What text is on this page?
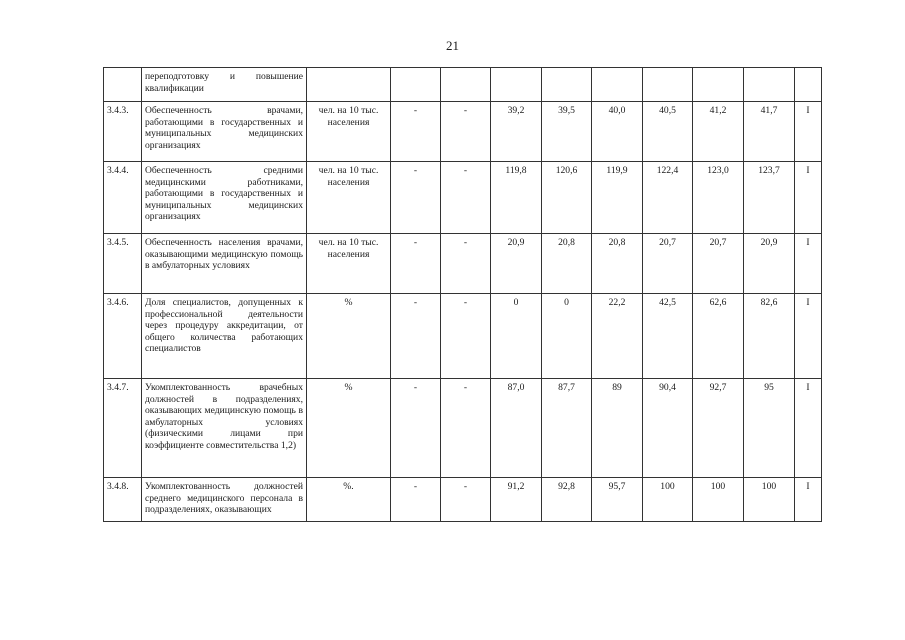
21
	переподготовку и повышение квалификации										
3.4.3.	Обеспеченность врачами, работающими в государственных и муниципальных медицинских организациях	чел. на 10 тыс. населения	-	-	39,2	39,5	40,0	40,5	41,2	41,7	I
3.4.4.	Обеспеченность средними медицинскими работниками, работающими в государственных и муниципальных медицинских организациях	чел. на 10 тыс. населения	-	-	119,8	120,6	119,9	122,4	123,0	123,7	I
3.4.5.	Обеспеченность населения врачами, оказывающими медицинскую помощь в амбулаторных условиях	чел. на 10 тыс. населения	-	-	20,9	20,8	20,8	20,7	20,7	20,9	I
3.4.6.	Доля специалистов, допущенных к профессиональной деятельности через процедуру аккредитации, от общего количества работающих специалистов	%	-	-	0	0	22,2	42,5	62,6	82,6	I
3.4.7.	Укомплектованность врачебных должностей в подразделениях, оказывающих медицинскую помощь в амбулаторных условиях (физическими лицами при коэффициенте совместительства 1,2)	%	-	-	87,0	87,7	89	90,4	92,7	95	I
3.4.8.	Укомплектованность должностей среднего медицинского персонала в подразделениях, оказывающих	%.	-	-	91,2	92,8	95,7	100	100	100	I
